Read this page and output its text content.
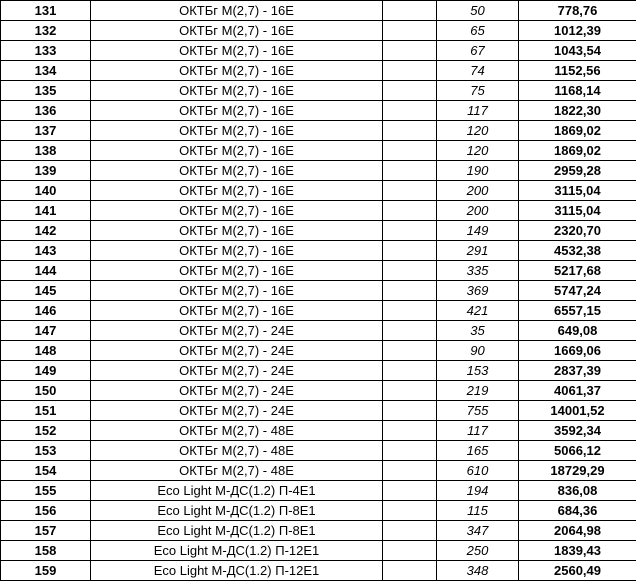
131	ОКТБг М(2,7) - 16Е		50	778,76
132	ОКТБг М(2,7) - 16Е		65	1012,39
133	ОКТБг М(2,7) - 16Е		67	1043,54
134	ОКТБг М(2,7) - 16Е		74	1152,56
135	ОКТБг М(2,7) - 16Е		75	1168,14
136	ОКТБг М(2,7) - 16Е		117	1822,30
137	ОКТБг М(2,7) - 16Е		120	1869,02
138	ОКТБг М(2,7) - 16Е		120	1869,02
139	ОКТБг М(2,7) - 16Е		190	2959,28
140	ОКТБг М(2,7) - 16Е		200	3115,04
141	ОКТБг М(2,7) - 16Е		200	3115,04
142	ОКТБг М(2,7) - 16Е		149	2320,70
143	ОКТБг М(2,7) - 16Е		291	4532,38
144	ОКТБг М(2,7) - 16Е		335	5217,68
145	ОКТБг М(2,7) - 16Е		369	5747,24
146	ОКТБг М(2,7) - 16Е		421	6557,15
147	ОКТБг М(2,7) - 24Е		35	649,08
148	ОКТБг М(2,7) - 24Е		90	1669,06
149	ОКТБг М(2,7) - 24Е		153	2837,39
150	ОКТБг М(2,7) - 24Е		219	4061,37
151	ОКТБг М(2,7) - 24Е		755	14001,52
152	ОКТБг М(2,7) - 48Е		117	3592,34
153	ОКТБг М(2,7) - 48Е		165	5066,12
154	ОКТБг М(2,7) - 48Е		610	18729,29
155	Eco Light М-ДС(1.2) П-4Е1		194	836,08
156	Eco Light М-ДС(1.2) П-8Е1		115	684,36
157	Eco Light М-ДС(1.2) П-8Е1		347	2064,98
158	Eco Light М-ДС(1.2) П-12Е1		250	1839,43
159	Eco Light М-ДС(1.2) П-12Е1		348	2560,49
